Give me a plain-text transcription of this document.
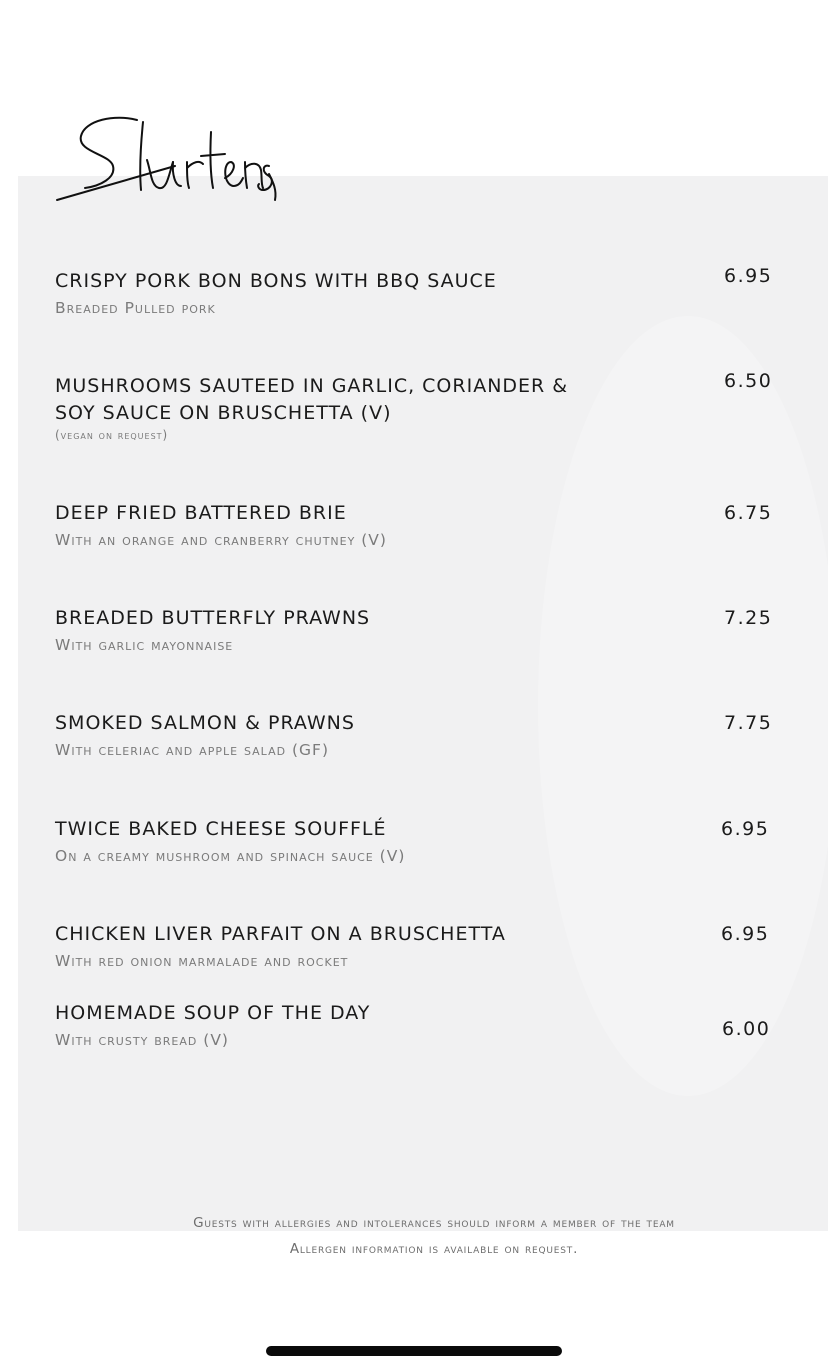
CRISPY PORK BON BONS WITH BBQ SAUCE

Breaded Pulled pork

6.95

MUSHROOMS SAUTEED IN GARLIC, CORIANDER &

SOY SAUCE ON BRUSCHETTA (V)

(vegan on request)
6.50

DEEP FRIED BATTERED BRIE

With an orange and cranberry chutney (V)

6.75

BREADED BUTTERFLY PRAWNS

With garlic mayonnaise

7.25

SMOKED SALMON & PRAWNS

With celeriac and apple salad (GF)

7.75

TWICE BAKED CHEESE SOUFFLÉ

On a creamy mushroom and spinach sauce (V)

6.95

CHICKEN LIVER PARFAIT ON A BRUSCHETTA

With red onion marmalade and rocket

6.95

HOMEMADE SOUP OF THE DAY

With crusty bread (V)	6.00
Guests with allergies and intolerances should inform a member of the team
Allergen information is available on request.
